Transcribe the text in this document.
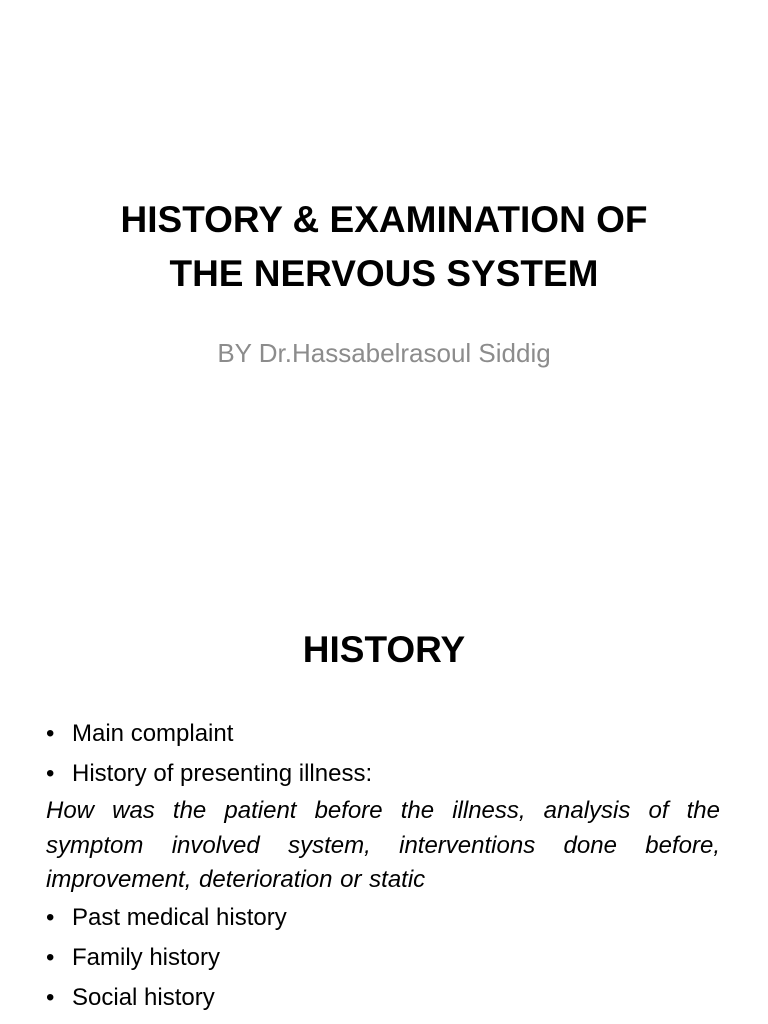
HISTORY & EXAMINATION OF
THE NERVOUS SYSTEM

BY Dr.Hassabelrasoul Siddig

HISTORY
• Main complaint
• History of presenting illness:

How was the patient before the illness, analysis of the
symptom involved system, interventions done before,
improvement, deterioration or static

• Past medical history
• Family history
• Social history
